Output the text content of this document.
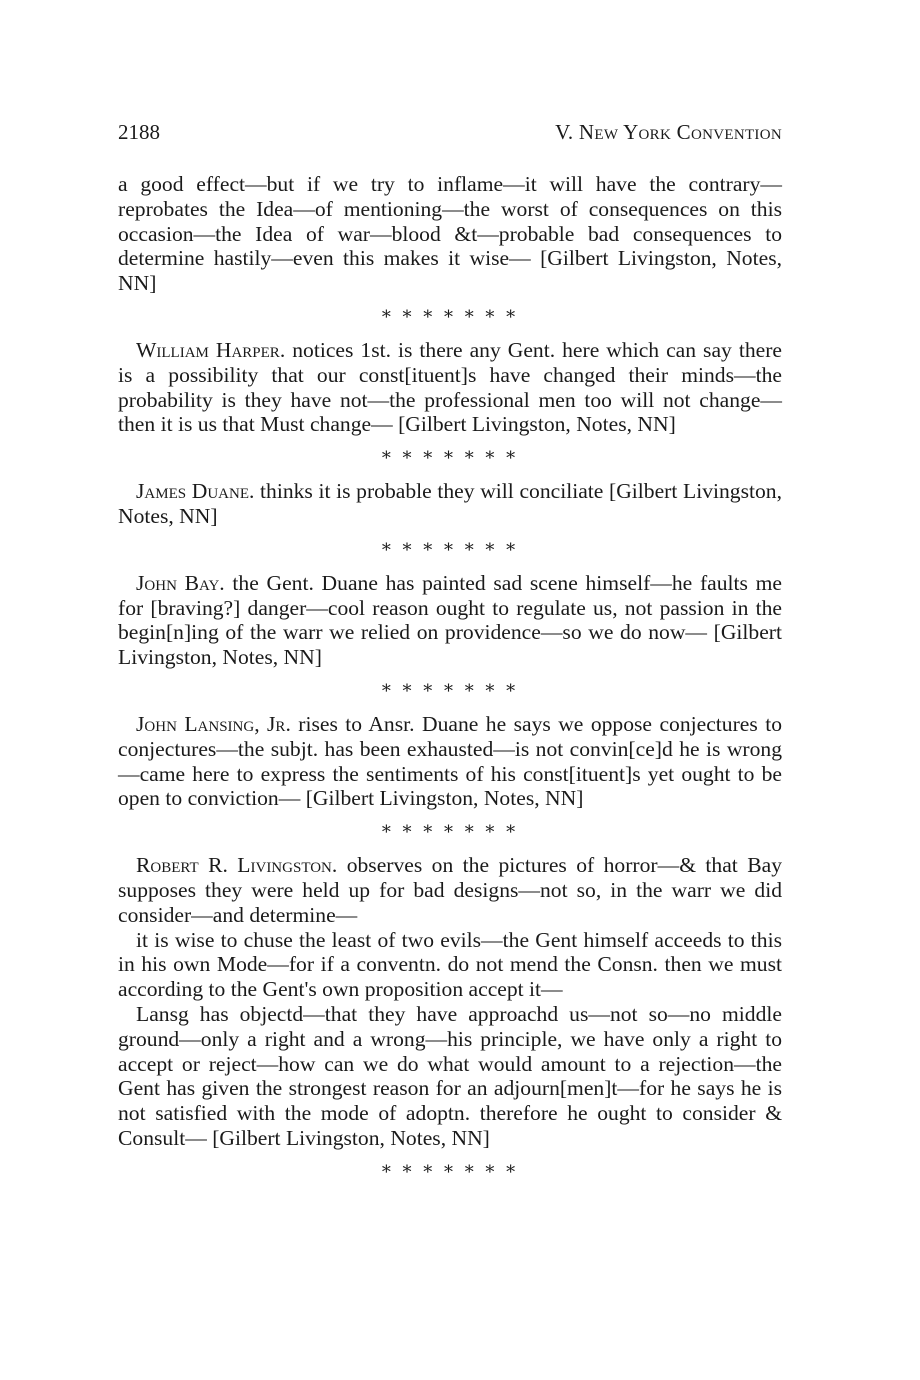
2188	V. New York Convention

a good effect—but if we try to inflame—it will have the contrary—reprobates the Idea—of mentioning—the worst of consequences on this occasion—the Idea of war—blood &t—probable bad consequences to determine hastily—even this makes it wise— [Gilbert Livingston, Notes, NN]

* * * * * * *

William Harper. notices 1st. is there any Gent. here which can say there is a possibility that our const[ituent]s have changed their minds—the probability is they have not—the professional men too will not change—then it is us that Must change— [Gilbert Livingston, Notes, NN]

* * * * * * *

James Duane. thinks it is probable they will conciliate [Gilbert Livingston, Notes, NN]

* * * * * * *

John Bay. the Gent. Duane has painted sad scene himself—he faults me for [braving?] danger—cool reason ought to regulate us, not passion in the begin[n]ing of the warr we relied on providence—so we do now— [Gilbert Livingston, Notes, NN]

* * * * * * *

John Lansing, Jr. rises to Ansr. Duane he says we oppose conjectures to conjectures—the subjt. has been exhausted—is not convin[ce]d he is wrong—came here to express the sentiments of his const[ituent]s yet ought to be open to conviction— [Gilbert Livingston, Notes, NN]

* * * * * * *

Robert R. Livingston. observes on the pictures of horror—& that Bay supposes they were held up for bad designs—not so, in the warr we did consider—and determine—

it is wise to chuse the least of two evils—the Gent himself acceeds to this in his own Mode—for if a conventn. do not mend the Consn. then we must according to the Gent's own proposition accept it—

Lansg has objectd—that they have approachd us—not so—no middle ground—only a right and a wrong—his principle, we have only a right to accept or reject—how can we do what would amount to a rejection—the Gent has given the strongest reason for an adjourn[men]t—for he says he is not satisfied with the mode of adoptn. therefore he ought to consider & Consult— [Gilbert Livingston, Notes, NN]

* * * * * * *
